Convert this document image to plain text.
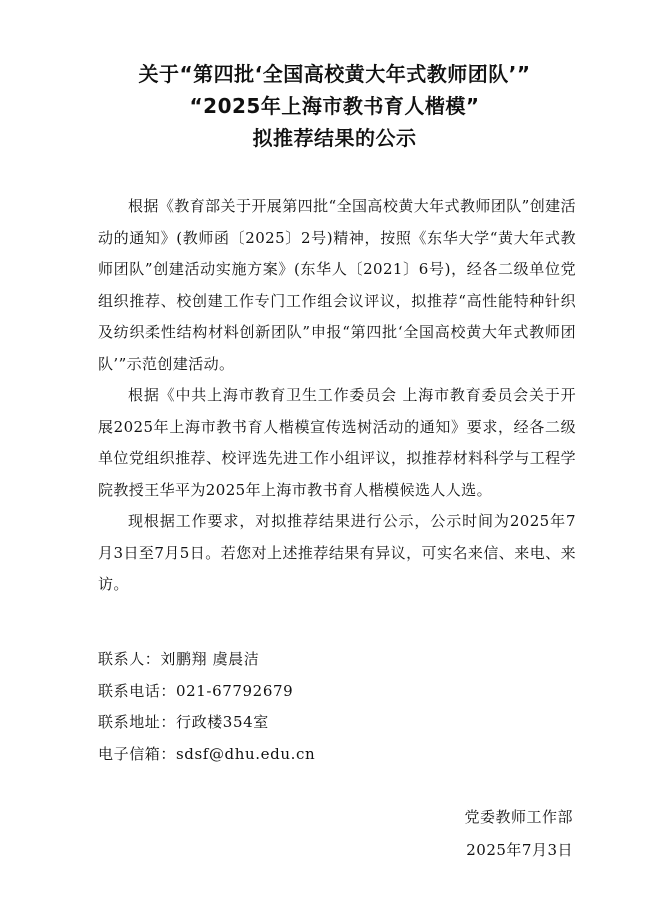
关于“第四批‘全国高校黄大年式教师团队’”
“2025年上海市教书育人楷模”
拟推荐结果的公示

根据《教育部关于开展第四批“全国高校黄大年式教师团队”创建活动的通知》(教师函〔2025〕2号)精神，按照《东华大学“黄大年式教师团队”创建活动实施方案》(东华人〔2021〕6号)，经各二级单位党组织推荐、校创建工作专门工作组会议评议，拟推荐“高性能特种针织及纺织柔性结构材料创新团队”申报“第四批‘全国高校黄大年式教师团队’”示范创建活动。

根据《中共上海市教育卫生工作委员会 上海市教育委员会关于开展2025年上海市教书育人楷模宣传选树活动的通知》要求，经各二级单位党组织推荐、校评选先进工作小组评议，拟推荐材料科学与工程学院教授王华平为2025年上海市教书育人楷模候选人人选。

现根据工作要求，对拟推荐结果进行公示，公示时间为2025年7月3日至7月5日。若您对上述推荐结果有异议，可实名来信、来电、来访。

联系人：刘鹏翔 虞晨洁
联系电话：021-67792679
联系地址：行政楼354室
电子信箱：sdsf@dhu.edu.cn
党委教师工作部
2025年7月3日
